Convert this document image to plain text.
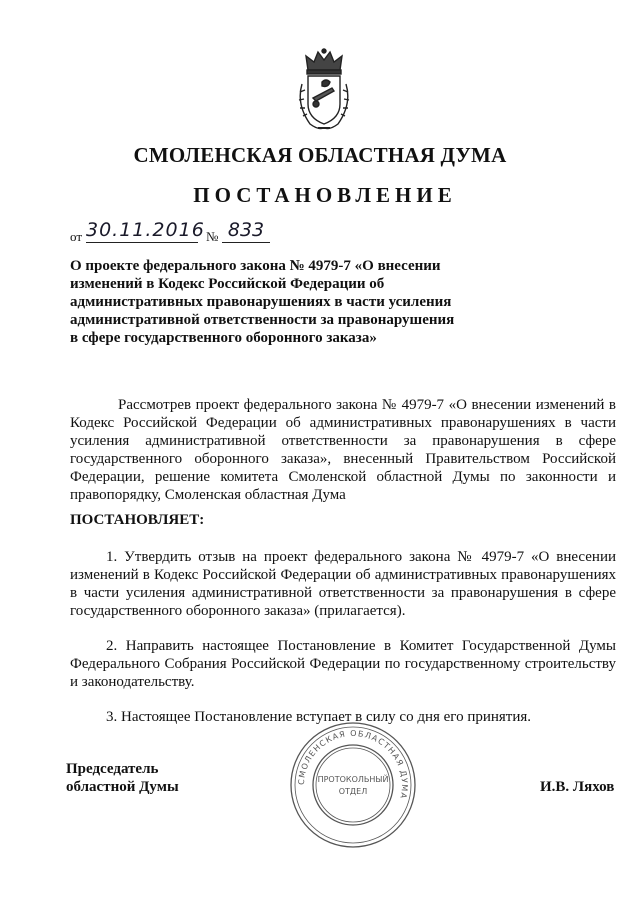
СМОЛЕНСКАЯ ОБЛАСТНАЯ ДУМА
ПОСТАНОВЛЕНИЕ
от 30.11.2016 № 833
О проекте федерального закона № 4979-7 «О внесении изменений в Кодекс Российской Федерации об административных правонарушениях в части усиления административной ответственности за правонарушения в сфере государственного оборонного заказа»
Рассмотрев проект федерального закона № 4979-7 «О внесении изменений в Кодекс Российской Федерации об административных правонарушениях в части усиления административной ответственности за правонарушения в сфере государственного оборонного заказа», внесенный Правительством Российской Федерации, решение комитета Смоленской областной Думы по законности и правопорядку, Смоленская областная Дума
ПОСТАНОВЛЯЕТ:
1. Утвердить отзыв на проект федерального закона № 4979-7 «О внесении изменений в Кодекс Российской Федерации об административных правонарушениях в части усиления административной ответственности за правонарушения в сфере государственного оборонного заказа» (прилагается).
2. Направить настоящее Постановление в Комитет Государственной Думы Федерального Собрания Российской Федерации по государственному строительству и законодательству.
3. Настоящее Постановление вступает в силу со дня его принятия.
Председатель
областной Думы	И.В. Ляхов
СМОЛЕНСКАЯ ОБЛАСТНАЯ ДУМА
ПРОТОКОЛЬНЫЙ
ОТДЕЛ
